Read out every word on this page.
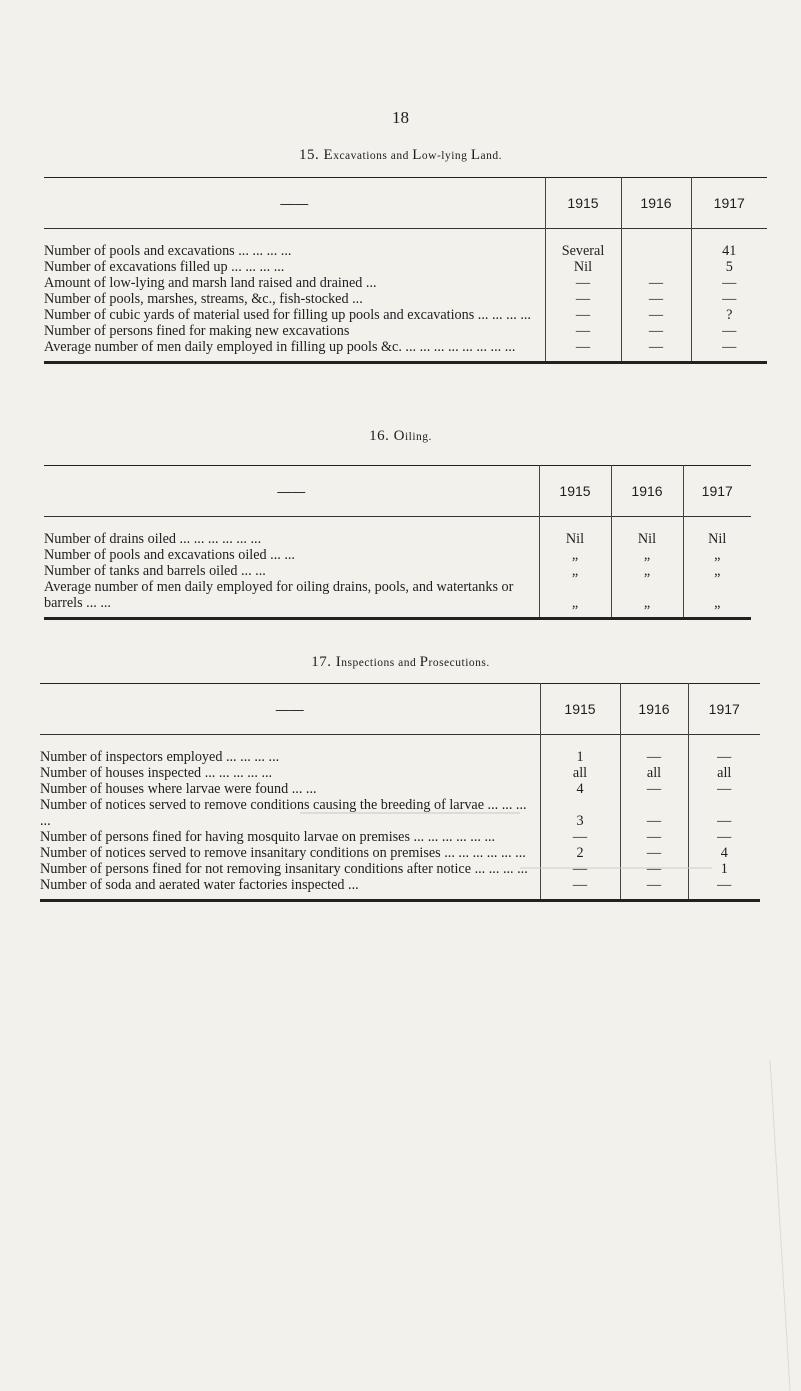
18
15. Excavations and Low-lying Land.
——	1915	1916	1917
Number of pools and excavations ... ... ... ...	Several		41
Number of excavations filled up ... ... ... ...	Nil		5
Amount of low-lying and marsh land raised and drained ...	—	—	—
Number of pools, marshes, streams, &c., fish-stocked ...	—	—	—
Number of cubic yards of material used for filling up pools and excavations ... ... ... ...	—	—	?
Number of persons fined for making new excavations	—	—	—
Average number of men daily employed in filling up pools &c. ... ... ... ... ... ... ... ...	—	—	—
16. Oiling.
——	1915	1916	1917
Number of drains oiled ... ... ... ... ... ...	Nil	Nil	Nil
Number of pools and excavations oiled ... ...	„	„	„
Number of tanks and barrels oiled ... ...	„	„	„
Average number of men daily employed for oiling drains, pools, and watertanks or barrels ... ...	„	„	„
17. Inspections and Prosecutions.
——	1915	1916	1917
Number of inspectors employed ... ... ... ...	1	—	—
Number of houses inspected ... ... ... ... ...	all	all	all
Number of houses where larvae were found ... ...	4	—	—
Number of notices served to remove conditions causing the breeding of larvae ... ... ... ...	3	—	—
Number of persons fined for having mosquito larvae on premises ... ... ... ... ... ...	—	—	—
Number of notices served to remove insanitary conditions on premises ... ... ... ... ... ...	2	—	4
Number of persons fined for not removing insanitary conditions after notice ... ... ... ...	—	—	1
Number of soda and aerated water factories inspected ...	—	—	—
